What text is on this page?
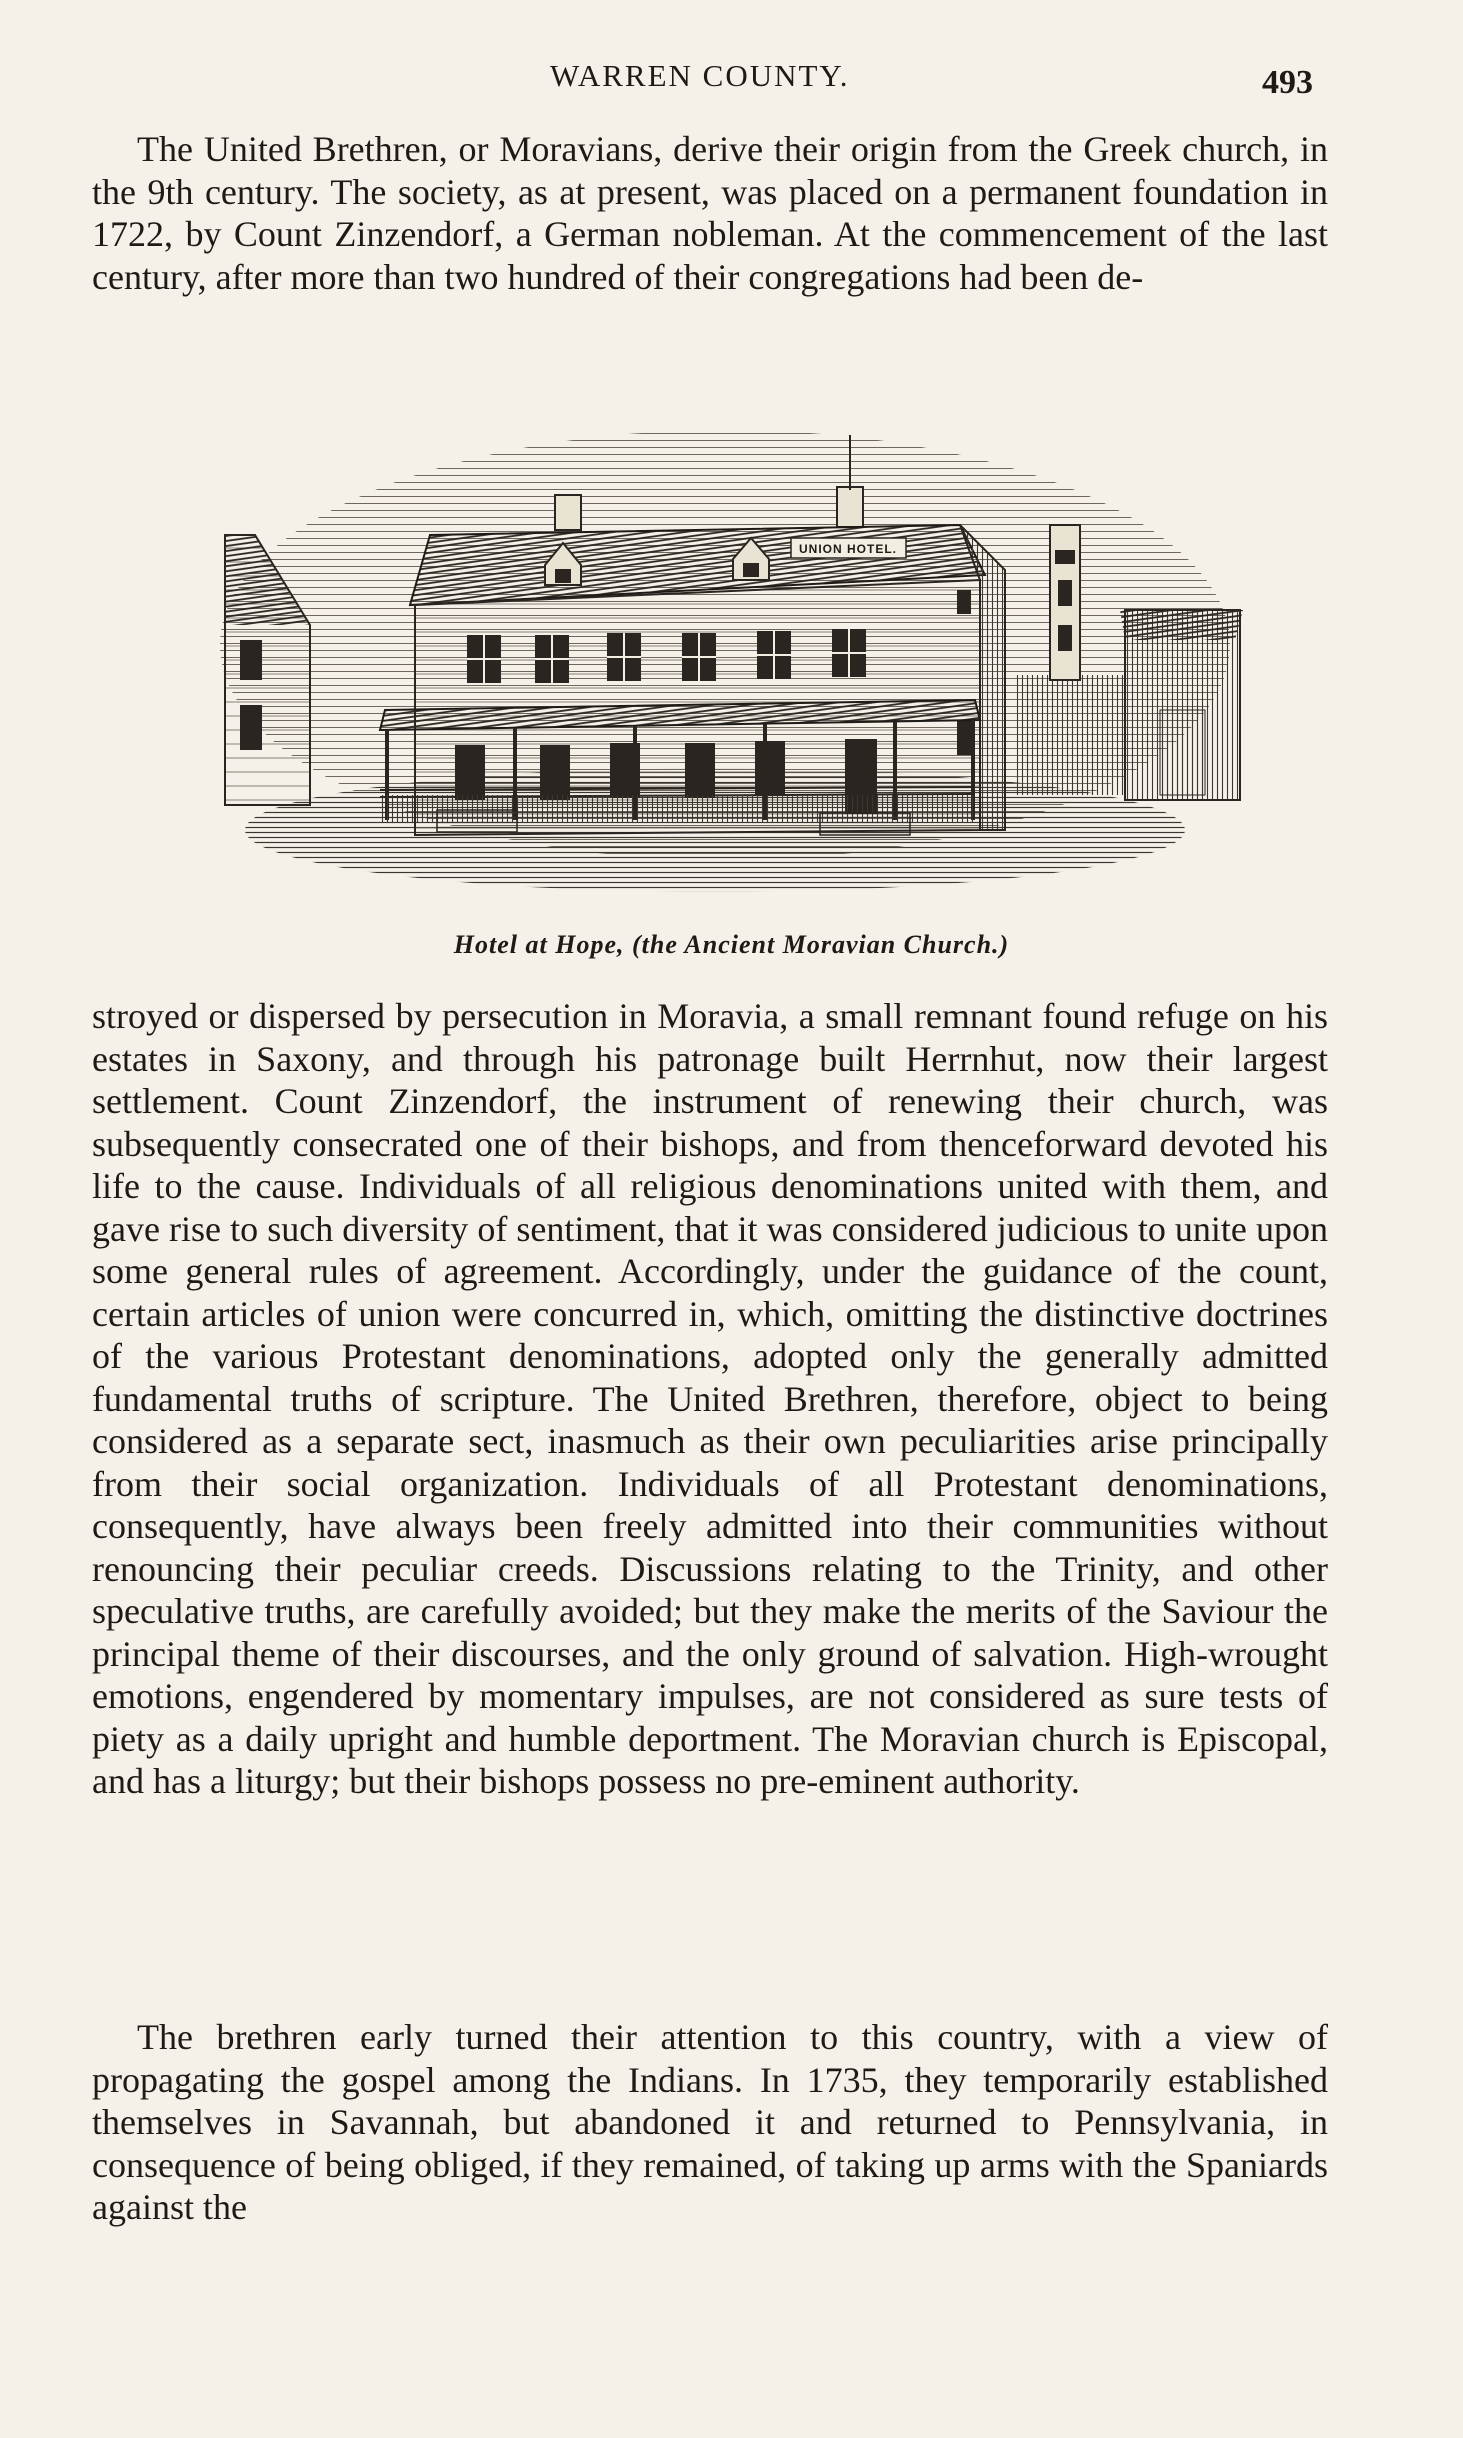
WARREN COUNTY.	493

The United Brethren, or Moravians, derive their origin from the Greek church, in the 9th century. The society, as at present, was placed on a permanent foundation in 1722, by Count Zinzendorf, a German nobleman. At the commencement of the last century, after more than two hundred of their congregations had been de-

UNION HOTEL.
Hotel at Hope, (the Ancient Moravian Church.)

stroyed or dispersed by persecution in Moravia, a small remnant found refuge on his estates in Saxony, and through his patronage built Herrnhut, now their largest settlement. Count Zinzendorf, the instrument of renewing their church, was subsequently consecrated one of their bishops, and from thenceforward devoted his life to the cause. Individuals of all religious denominations united with them, and gave rise to such diversity of sentiment, that it was considered judicious to unite upon some general rules of agreement. Accordingly, under the guidance of the count, certain articles of union were concurred in, which, omitting the distinctive doctrines of the various Protestant denominations, adopted only the generally admitted fundamental truths of scripture. The United Brethren, therefore, object to being considered as a separate sect, inasmuch as their own peculiarities arise principally from their social organization. Individuals of all Protestant denominations, consequently, have always been freely admitted into their communities without renouncing their peculiar creeds. Discussions relating to the Trinity, and other speculative truths, are carefully avoided; but they make the merits of the Saviour the principal theme of their discourses, and the only ground of salvation. High-wrought emotions, engendered by momentary impulses, are not considered as sure tests of piety as a daily upright and humble deportment. The Moravian church is Episcopal, and has a liturgy; but their bishops possess no pre-eminent authority.

The brethren early turned their attention to this country, with a view of propagating the gospel among the Indians. In 1735, they temporarily established themselves in Savannah, but abandoned it and returned to Pennsylvania, in consequence of being obliged, if they remained, of taking up arms with the Spaniards against the
